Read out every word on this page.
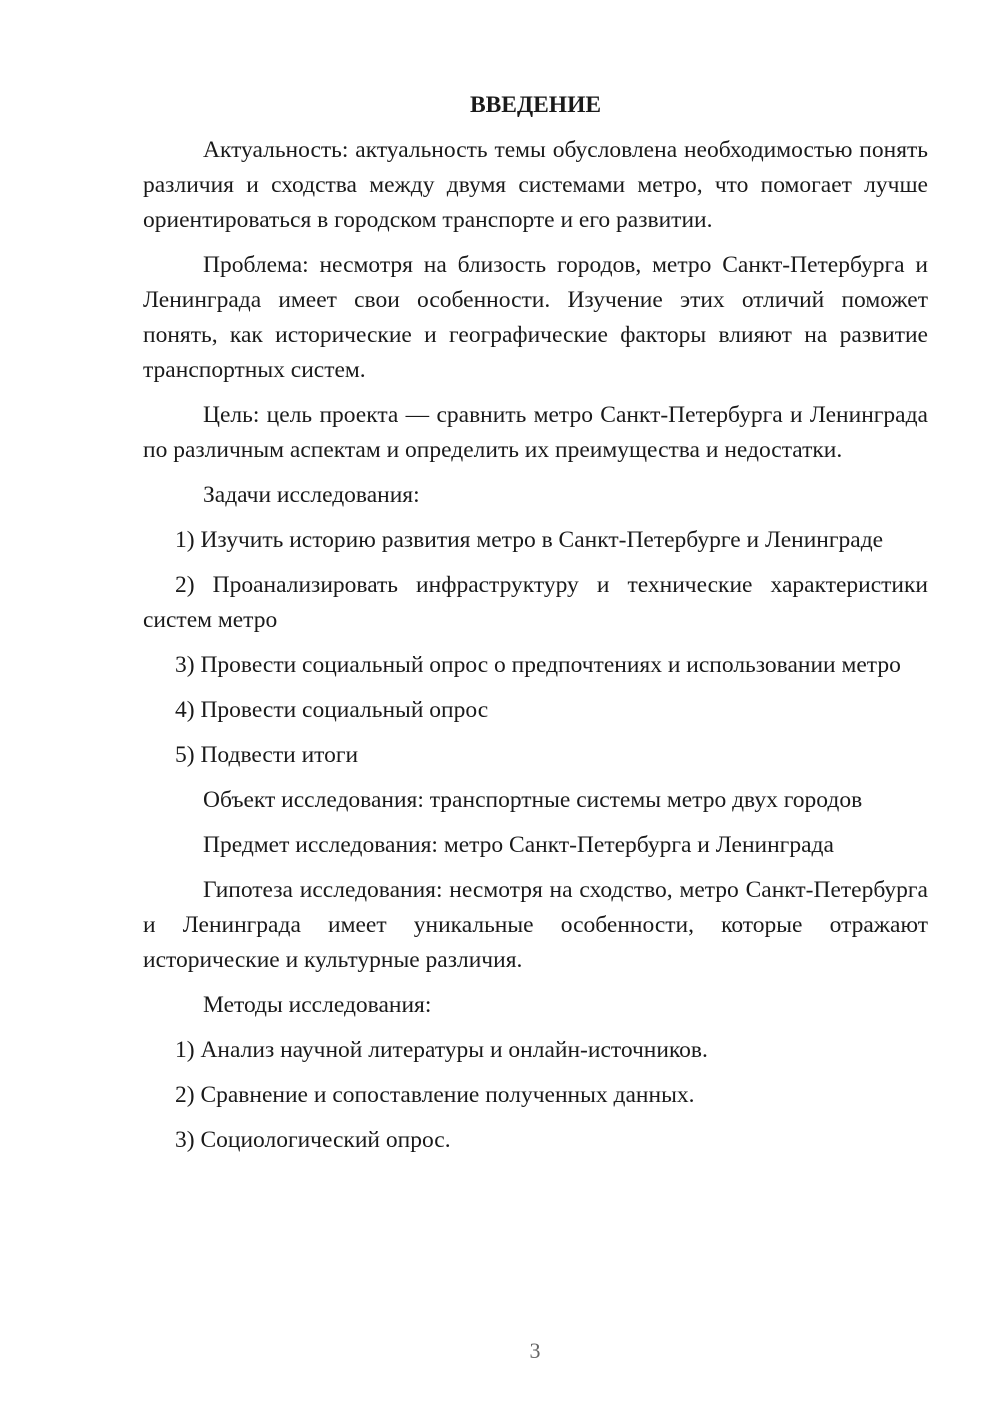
ВВЕДЕНИЕ
Актуальность: актуальность темы обусловлена необходимостью понять различия и сходства между двумя системами метро, что помогает лучше ориентироваться в городском транспорте и его развитии.
Проблема: несмотря на близость городов, метро Санкт-Петербурга и Ленинграда имеет свои особенности. Изучение этих отличий поможет понять, как исторические и географические факторы влияют на развитие транспортных систем.
Цель: цель проекта — сравнить метро Санкт-Петербурга и Ленинграда по различным аспектам и определить их преимущества и недостатки.
Задачи исследования:
1) Изучить историю развития метро в Санкт-Петербурге и Ленинграде
2) Проанализировать инфраструктуру и технические характеристики систем метро
3) Провести социальный опрос о предпочтениях и использовании метро
4) Провести социальный опрос
5) Подвести итоги
Объект исследования: транспортные системы метро двух городов
Предмет исследования: метро Санкт-Петербурга и Ленинграда
Гипотеза исследования: несмотря на сходство, метро Санкт-Петербурга и Ленинграда имеет уникальные особенности, которые отражают исторические и культурные различия.
Методы исследования:
1) Анализ научной литературы и онлайн-источников.
2) Сравнение и сопоставление полученных данных.
3) Социологический опрос.
3
